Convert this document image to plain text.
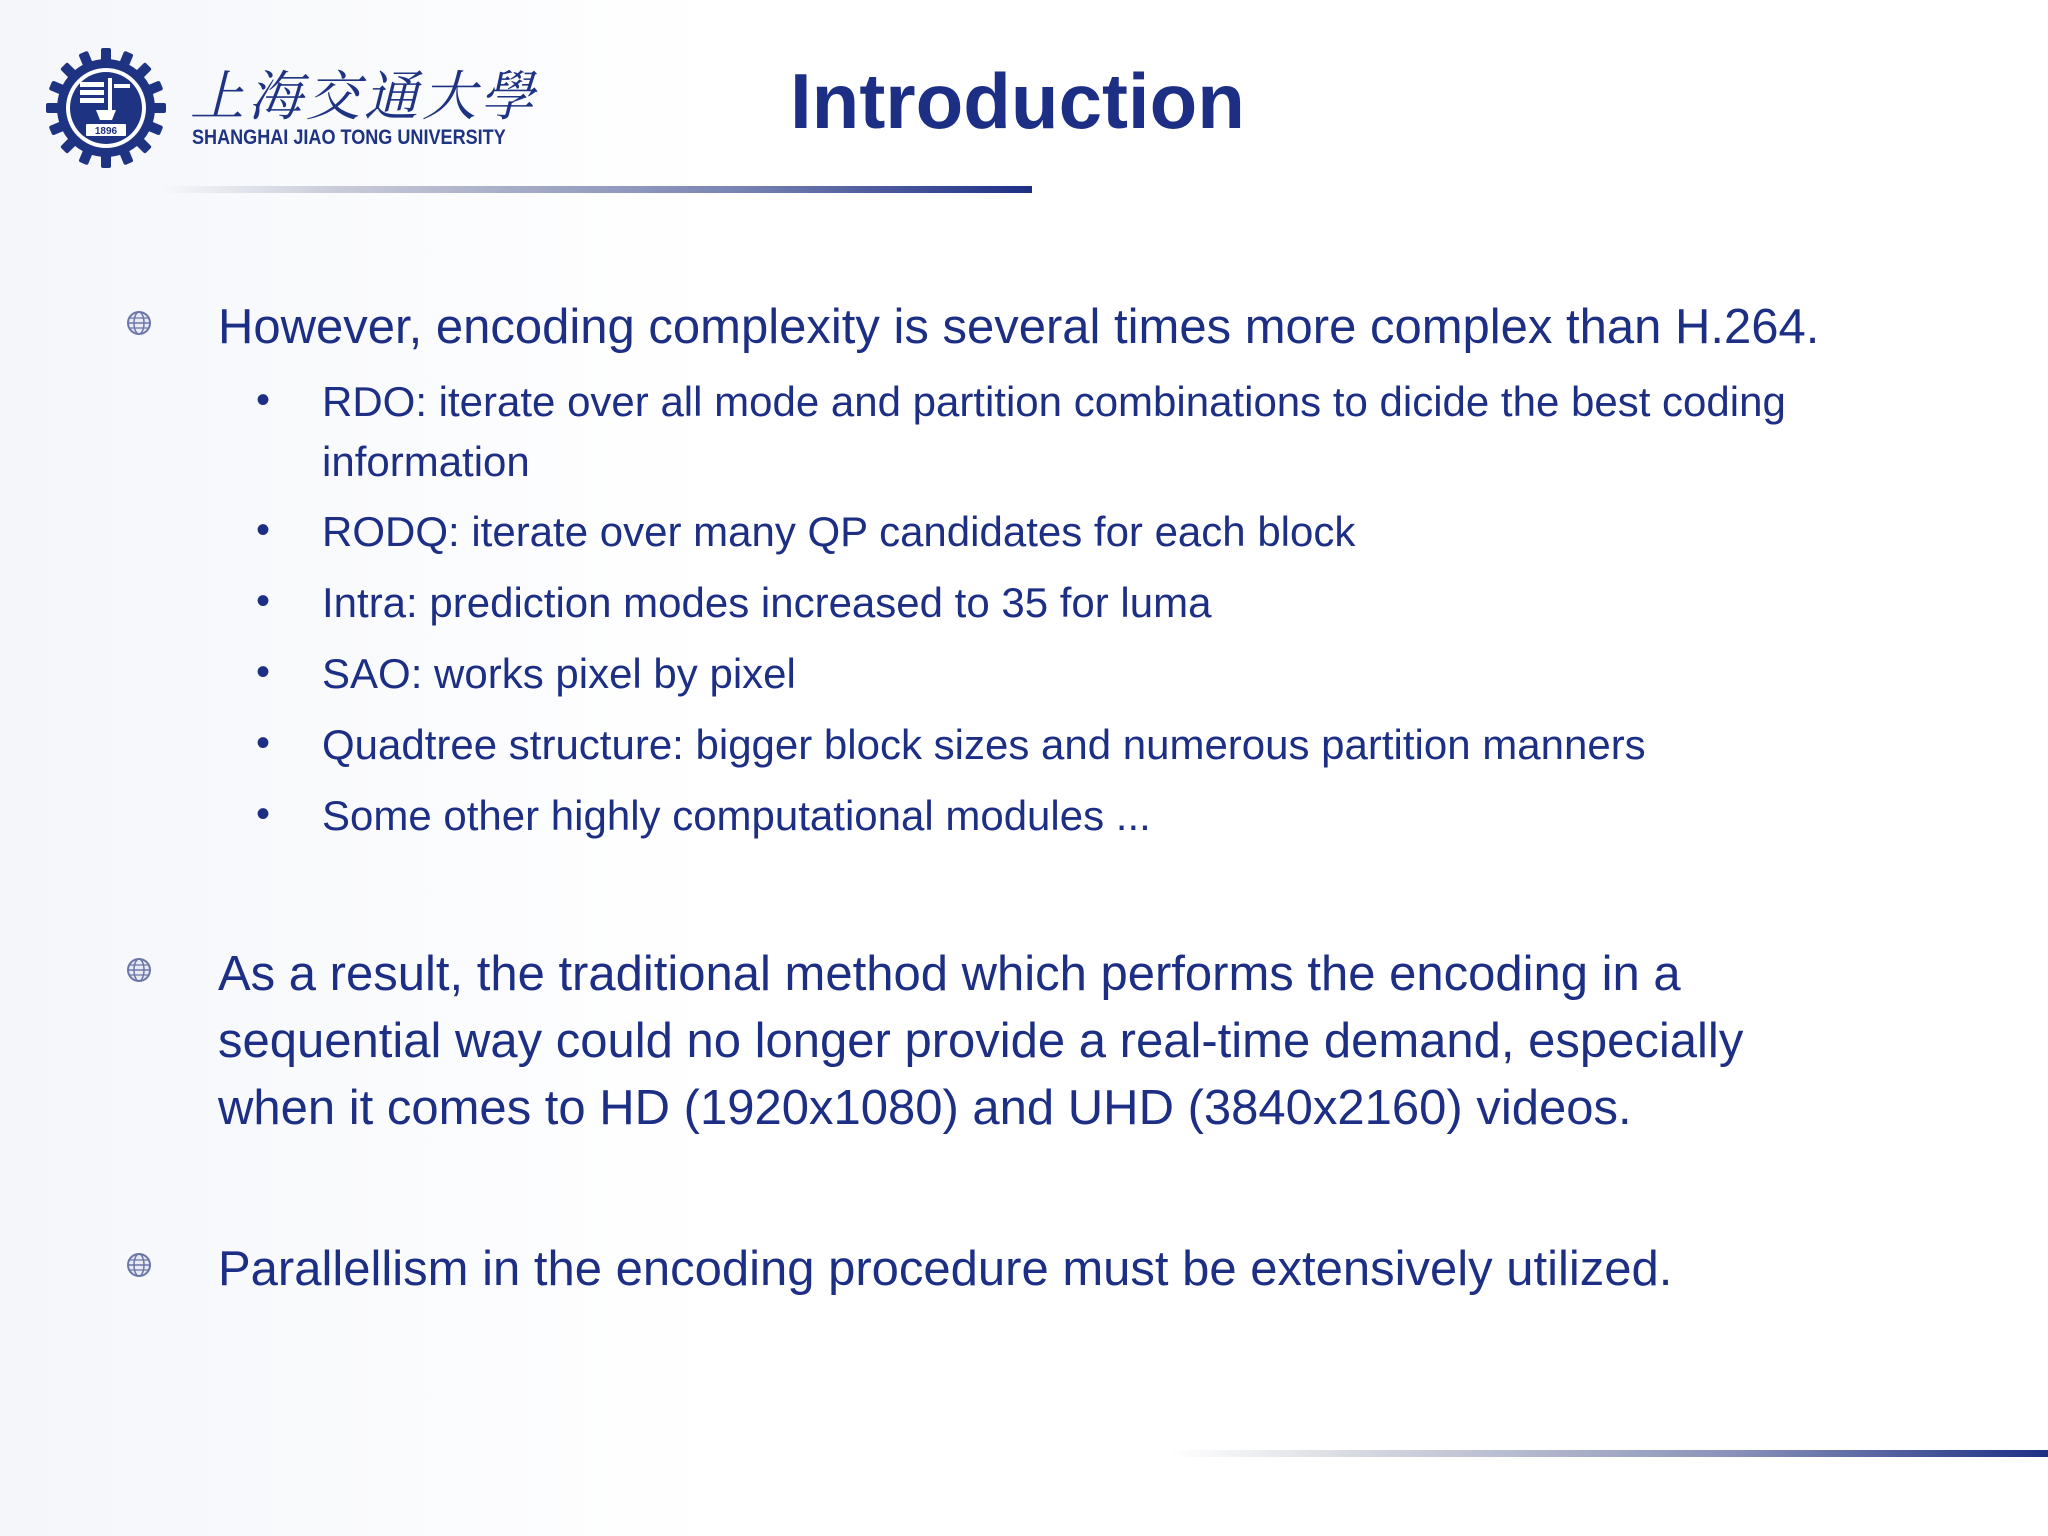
1896
上海交通大學
SHANGHAI JIAO TONG UNIVERSITY	Introduction
However, encoding complexity is several times more complex than H.264.
• RDO: iterate over all mode and partition combinations to dicide the best coding
information
• RODQ: iterate over many QP candidates for each block
• Intra: prediction modes increased to 35 for luma
• SAO: works pixel by pixel
• Quadtree structure: bigger block sizes and numerous partition manners
• Some other highly computational modules ...
As a result, the traditional method which performs the encoding in a
sequential way could no longer provide a real-time demand, especially
when it comes to HD (1920x1080) and UHD (3840x2160) videos.
Parallellism in the encoding procedure must be extensively utilized.
